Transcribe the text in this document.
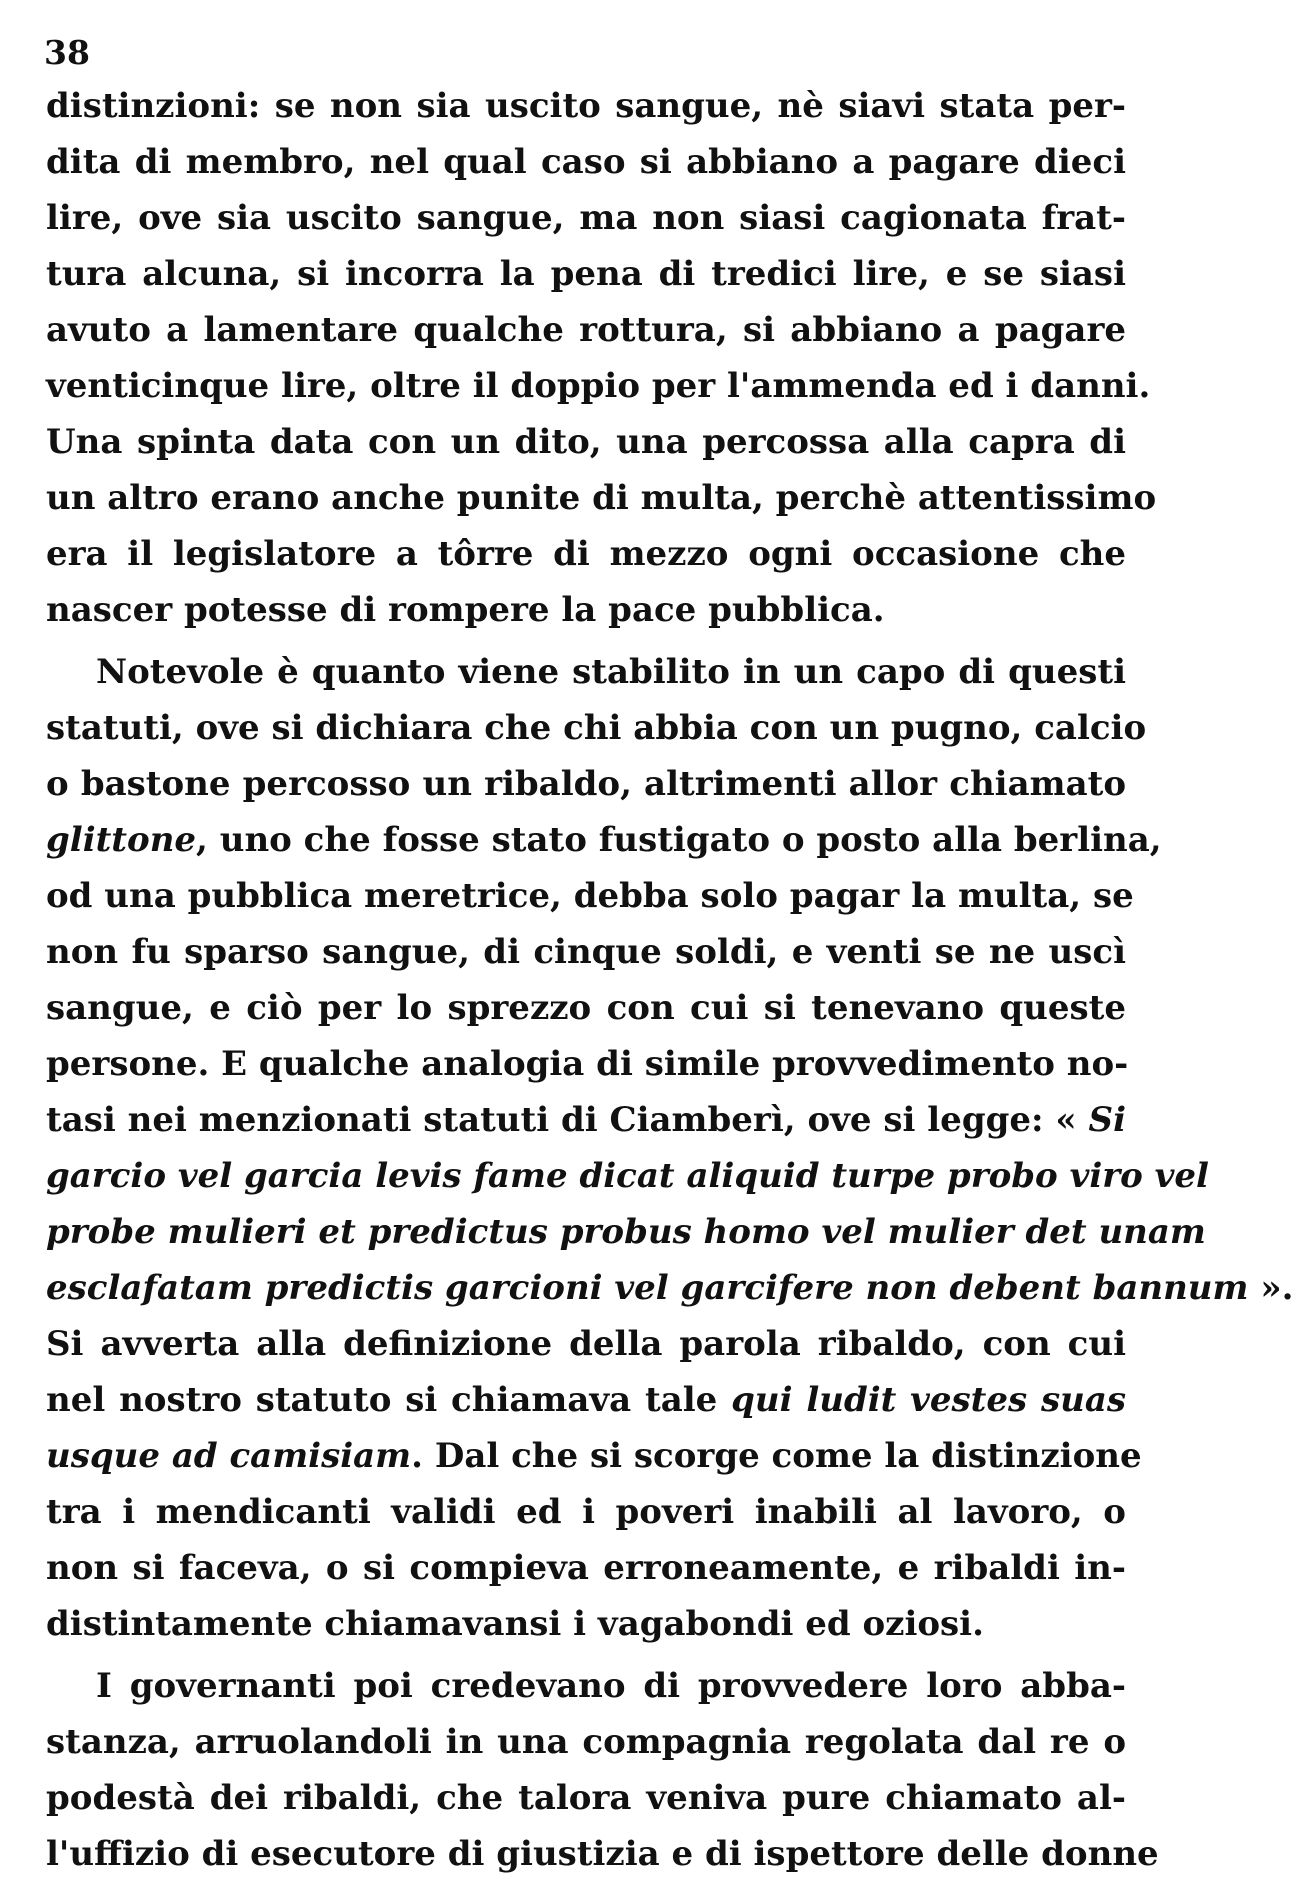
38
distinzioni: se non sia uscito sangue, nè siavi stata per-
dita di membro, nel qual caso si abbiano a pagare dieci
lire, ove sia uscito sangue, ma non siasi cagionata frat-
tura alcuna, si incorra la pena di tredici lire, e se siasi
avuto a lamentare qualche rottura, si abbiano a pagare
venticinque lire, oltre il doppio per l'ammenda ed i danni.
Una spinta data con un dito, una percossa alla capra di
un altro erano anche punite di multa, perchè attentissimo
era il legislatore a tôrre di mezzo ogni occasione che
nascer potesse di rompere la pace pubblica.
Notevole è quanto viene stabilito in un capo di questi
statuti, ove si dichiara che chi abbia con un pugno, calcio
o bastone percosso un ribaldo, altrimenti allor chiamato
glittone, uno che fosse stato fustigato o posto alla berlina,
od una pubblica meretrice, debba solo pagar la multa, se
non fu sparso sangue, di cinque soldi, e venti se ne uscì
sangue, e ciò per lo sprezzo con cui si tenevano queste
persone. E qualche analogia di simile provvedimento no-
tasi nei menzionati statuti di Ciamberì, ove si legge: « Si
garcio vel garcia levis fame dicat aliquid turpe probo viro vel
probe mulieri et predictus probus homo vel mulier det unam
esclafatam predictis garcioni vel garcifere non debent bannum ».
Si avverta alla definizione della parola ribaldo, con cui
nel nostro statuto si chiamava tale qui ludit vestes suas
usque ad camisiam. Dal che si scorge come la distinzione
tra i mendicanti validi ed i poveri inabili al lavoro, o
non si faceva, o si compieva erroneamente, e ribaldi in-
distintamente chiamavansi i vagabondi ed oziosi.
I governanti poi credevano di provvedere loro abba-
stanza, arruolandoli in una compagnia regolata dal re o
podestà dei ribaldi, che talora veniva pure chiamato al-
l'uffizio di esecutore di giustizia e di ispettore delle donne
